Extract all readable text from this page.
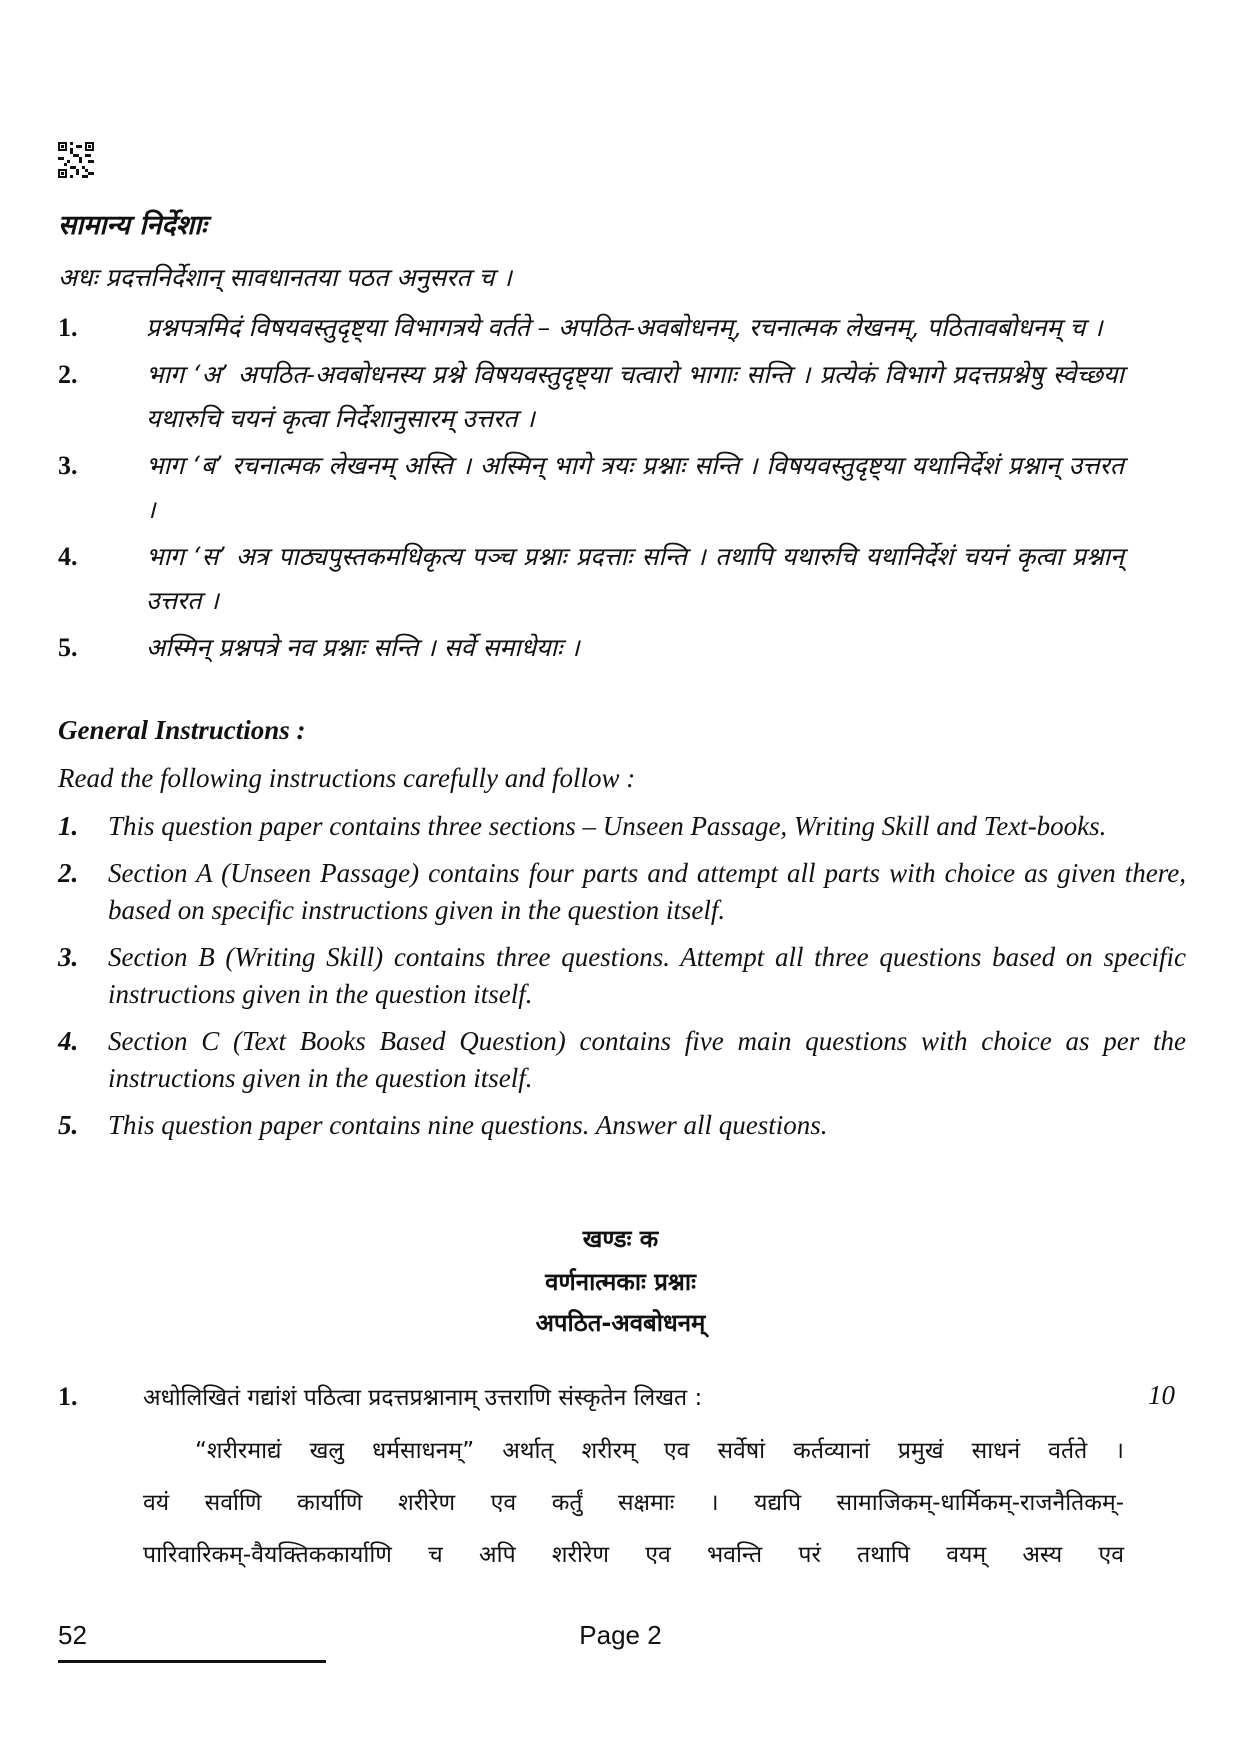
सामान्य निर्देशाः
अधः प्रदत्तनिर्देशान् सावधानतया पठत अनुसरत च ।
1.	प्रश्नपत्रमिदं विषयवस्तुदृष्ट्या विभागत्रये वर्तते – अपठित-अवबोधनम्, रचनात्मक लेखनम्, पठितावबोधनम् च ।
2.	भाग ‘अ’ अपठित-अवबोधनस्य प्रश्ने विषयवस्तुदृष्ट्या चत्वारो भागाः सन्ति । प्रत्येकं विभागे प्रदत्तप्रश्नेषु स्वेच्छया यथारुचि चयनं कृत्वा निर्देशानुसारम् उत्तरत ।
3.	भाग ‘ब’ रचनात्मक लेखनम् अस्ति । अस्मिन् भागे त्रयः प्रश्नाः सन्ति । विषयवस्तुदृष्ट्या यथानिर्देशं प्रश्नान् उत्तरत ।
4.	भाग ‘स’ अत्र पाठ्यपुस्तकमधिकृत्य पञ्च प्रश्नाः प्रदत्ताः सन्ति । तथापि यथारुचि यथानिर्देशं चयनं कृत्वा प्रश्नान् उत्तरत ।
5.	अस्मिन् प्रश्नपत्रे नव प्रश्नाः सन्ति । सर्वे समाधेयाः ।
General Instructions :
Read the following instructions carefully and follow :
1.	This question paper contains three sections – Unseen Passage, Writing Skill and Text-books.
2.	Section A (Unseen Passage) contains four parts and attempt all parts with choice as given there, based on specific instructions given in the question itself.
3.	Section B (Writing Skill) contains three questions. Attempt all three questions based on specific instructions given in the question itself.
4.	Section C (Text Books Based Question) contains five main questions with choice as per the instructions given in the question itself.
5.	This question paper contains nine questions. Answer all questions.
खण्डः क
वर्णनात्मकाः प्रश्नाः
अपठित-अवबोधनम्
1.	अधोलिखितं गद्यांशं पठित्वा प्रदत्तप्रश्नानाम् उत्तराणि संस्कृतेन लिखत :	10

“शरीरमाद्यं खलु धर्मसाधनम्” अर्थात् शरीरम् एव सर्वेषां कर्तव्यानां प्रमुखं साधनं वर्तते ।

वयं सर्वाणि कार्याणि शरीरेण एव कर्तुं सक्षमाः । यद्यपि सामाजिकम्-धार्मिकम्-राजनैतिकम्-

पारिवारिकम्-वैयक्तिककार्याणि च अपि शरीरेण एव भवन्ति परं तथापि वयम् अस्य एव

52	Page 2
